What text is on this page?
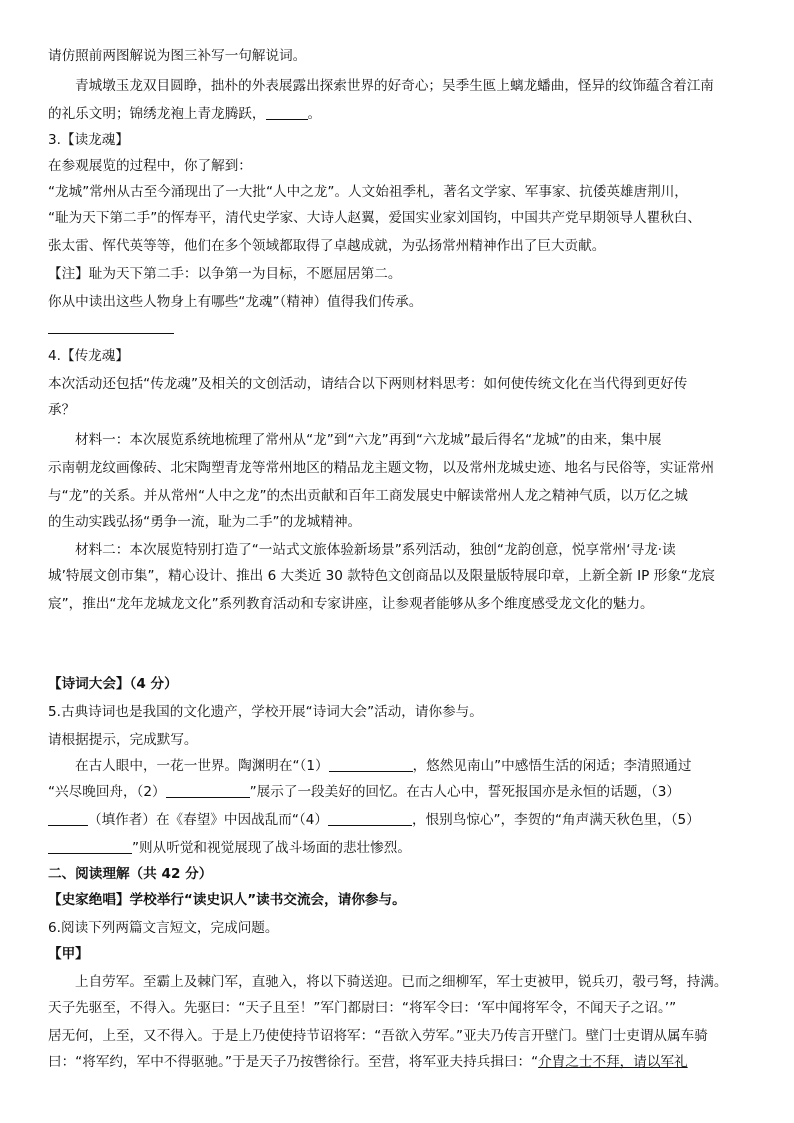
请仿照前两图解说为图三补写一句解说词。
青城墩玉龙双目圆睁，拙朴的外表展露出探索世界的好奇心；吴季生匜上螭龙蟠曲，怪异的纹饰蕴含着江南
的礼乐文明；锦绣龙袍上青龙腾跃，	。
3.【读龙魂】
在参观展览的过程中，你了解到：
“龙城”常州从古至今涌现出了一大批“人中之龙”。人文始祖季札，著名文学家、军事家、抗倭英雄唐荆川，
“耻为天下第二手”的恽寿平，清代史学家、大诗人赵翼，爱国实业家刘国钧，中国共产党早期领导人瞿秋白、
张太雷、恽代英等等，他们在多个领域都取得了卓越成就，为弘扬常州精神作出了巨大贡献。
【注】耻为天下第二手：以争第一为目标，不愿屈居第二。
你从中读出这些人物身上有哪些“龙魂”（精神）值得我们传承。
4.【传龙魂】
本次活动还包括“传龙魂”及相关的文创活动，请结合以下两则材料思考：如何使传统文化在当代得到更好传
承？
材料一：本次展览系统地梳理了常州从“龙”到“六龙”再到“六龙城”最后得名“龙城”的由来，集中展
示南朝龙纹画像砖、北宋陶塑青龙等常州地区的精品龙主题文物，以及常州龙城史迹、地名与民俗等，实证常州
与“龙”的关系。并从常州“人中之龙”的杰出贡献和百年工商发展史中解读常州人龙之精神气质，以万亿之城
的生动实践弘扬“勇争一流，耻为二手”的龙城精神。
材料二：本次展览特别打造了“一站式文旅体验新场景”系列活动，独创“龙韵创意，悦享常州‘寻龙·读
城’特展文创市集”，精心设计、推出 6 大类近 30 款特色文创商品以及限量版特展印章，上新全新 IP 形象“龙宸
宸”，推出“龙年龙城龙文化”系列教育活动和专家讲座，让参观者能够从多个维度感受龙文化的魅力。
【诗词大会】（4 分）
5.古典诗词也是我国的文化遗产，学校开展“诗词大会”活动，请你参与。
请根据提示，完成默写。
在古人眼中，一花一世界。陶渊明在“（1）	，悠然见南山”中感悟生活的闲适；李清照通过
“兴尽晚回舟，（2）	”展示了一段美好的回忆。在古人心中，誓死报国亦是永恒的话题，（3）
（填作者）在《春望》中因战乱而“（4）	，恨别鸟惊心”，李贺的“角声满天秋色里，（5）
”则从听觉和视觉展现了战斗场面的悲壮惨烈。
二、阅读理解（共 42 分）
【史家绝唱】学校举行“读史识人”读书交流会，请你参与。
6.阅读下列两篇文言短文，完成问题。
【甲】
上自劳军。至霸上及棘门军，直驰入，将以下骑送迎。已而之细柳军，军士吏被甲，锐兵刃，彀弓弩，持满。
天子先驱至，不得入。先驱曰：“天子且至！”军门都尉曰：“将军令曰：‘军中闻将军令，不闻天子之诏。’”
居无何，上至，又不得入。于是上乃使使持节诏将军：“吾欲入劳军。”亚夫乃传言开壁门。壁门士吏谓从属车骑
曰：“将军约，军中不得驱驰。”于是天子乃按辔徐行。至营，将军亚夫持兵揖曰：“介胄之士不拜，请以军礼
